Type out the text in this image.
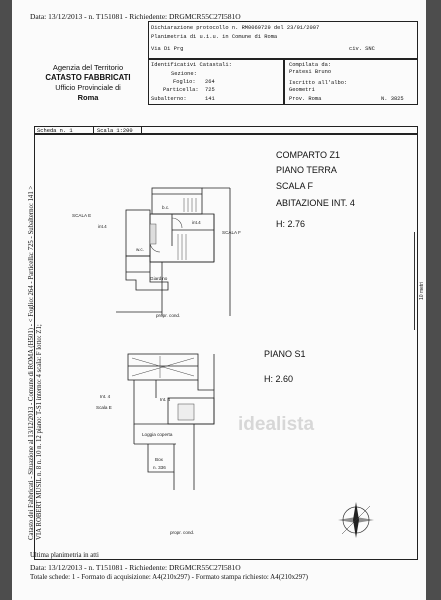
Data: 13/12/2013 - n. T151081 - Richiedente: DRGMCR55C27I581O
Agenzia del Territorio
CATASTO FABBRICATI
Ufficio Provinciale di
Roma
Dichiarazione protocollo n. RM0069729 del 23/01/2007
Planimetria di u.i.u. in Comune di Roma
Via Di Prg	civ. SNC
Identificativi Catastali:
Sezione:
Foglio: 264
Particella: 725
Subalterno:	141
Compilata da:
Pratesi Bruno
Iscritto all'albo:
Geometri
Prov. Roma	N. 3825
Scheda n. 1	Scala 1:200
COMPARTO Z1
PIANO TERRA
SCALA F
ABITAZIONE INT. 4
H: 2.76
PIANO S1
H: 2.60
SCALA E
int.4
int.4
SCALA F
b.c.
w.c.
Giardino
propr. cond.
Int. 4
Scala E
Int. 4
Loggia coperta
Box
n. 336
propr. cond.
10 metri
idealista
Catasto dei Fabbricati - Situazione al 13/12/2013 - Comune di ROMA (H501) - < Foglio: 264 - Particella: 725 - Subalterno: 141 > VIA ROBERT MUSIL n. 8 n. 10 n. 12 piano: T-S1 interno: 4 scala: F lotto: Z1;
Ultima planimetria in atti
Data: 13/12/2013 - n. T151081 - Richiedente: DRGMCR55C27I581O
Totale schede: 1 - Formato di acquisizione: A4(210x297) - Formato stampa richiesto: A4(210x297)
